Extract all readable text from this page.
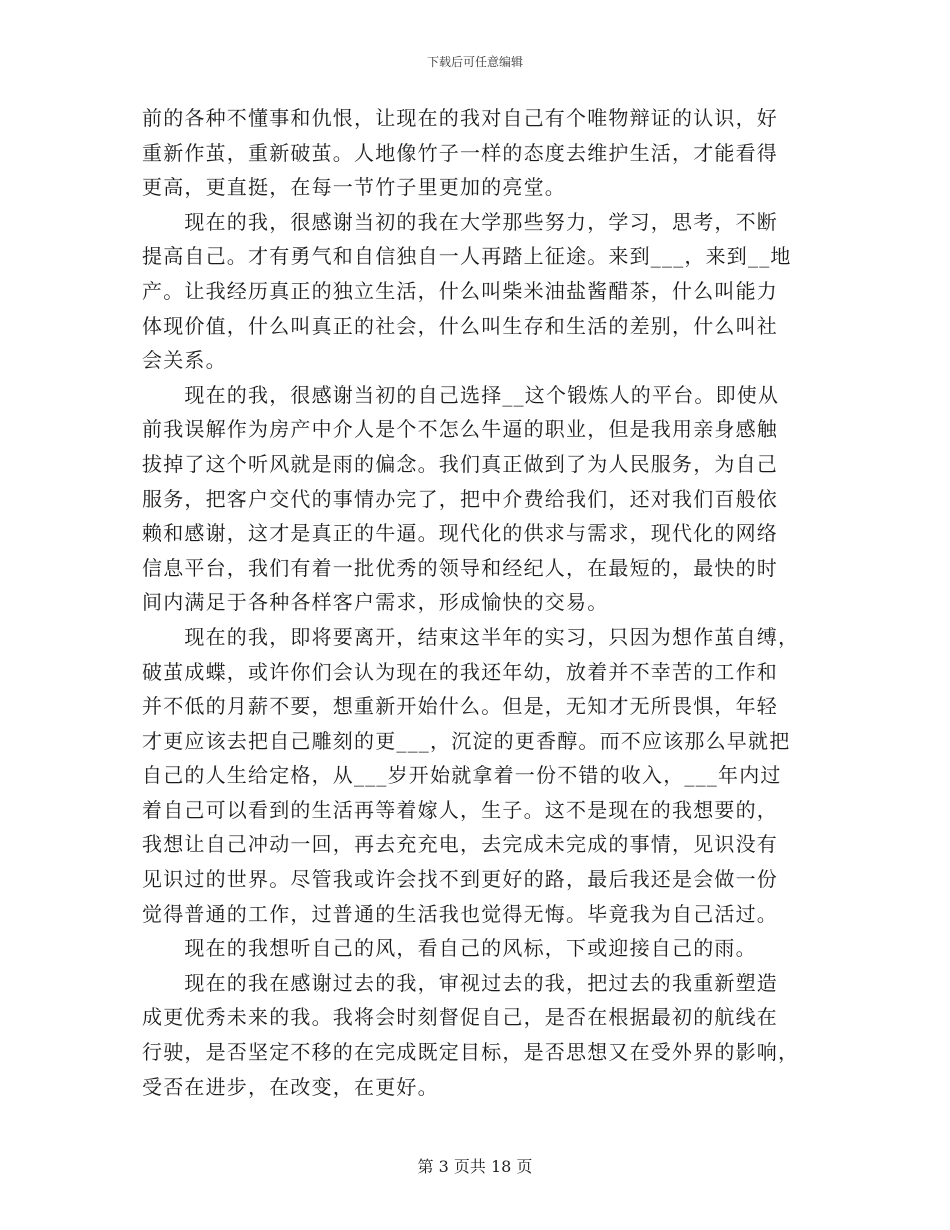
下载后可任意编辑
前的各种不懂事和仇恨，让现在的我对自己有个唯物辩证的认识，好
重新作茧，重新破茧。人地像竹子一样的态度去维护生活，才能看得
更高，更直挺，在每一节竹子里更加的亮堂。
　　现在的我，很感谢当初的我在大学那些努力，学习，思考，不断
提高自己。才有勇气和自信独自一人再踏上征途。来到___，来到__地
产。让我经历真正的独立生活，什么叫柴米油盐酱醋茶，什么叫能力
体现价值，什么叫真正的社会，什么叫生存和生活的差别，什么叫社
会关系。
　　现在的我，很感谢当初的自己选择__这个锻炼人的平台。即使从
前我误解作为房产中介人是个不怎么牛逼的职业，但是我用亲身感触
拔掉了这个听风就是雨的偏念。我们真正做到了为人民服务，为自己
服务，把客户交代的事情办完了，把中介费给我们，还对我们百般依
赖和感谢，这才是真正的牛逼。现代化的供求与需求，现代化的网络
信息平台，我们有着一批优秀的领导和经纪人，在最短的，最快的时
间内满足于各种各样客户需求，形成愉快的交易。
　　现在的我，即将要离开，结束这半年的实习，只因为想作茧自缚，
破茧成蝶，或许你们会认为现在的我还年幼，放着并不幸苦的工作和
并不低的月薪不要，想重新开始什么。但是，无知才无所畏惧，年轻
才更应该去把自己雕刻的更___，沉淀的更香醇。而不应该那么早就把
自己的人生给定格，从___岁开始就拿着一份不错的收入，___年内过
着自己可以看到的生活再等着嫁人，生子。这不是现在的我想要的，
我想让自己冲动一回，再去充充电，去完成未完成的事情，见识没有
见识过的世界。尽管我或许会找不到更好的路，最后我还是会做一份
觉得普通的工作，过普通的生活我也觉得无悔。毕竟我为自己活过。
　　现在的我想听自己的风，看自己的风标，下或迎接自己的雨。
　　现在的我在感谢过去的我，审视过去的我，把过去的我重新塑造
成更优秀未来的我。我将会时刻督促自己，是否在根据最初的航线在
行驶，是否坚定不移的在完成既定目标，是否思想又在受外界的影响，
受否在进步，在改变，在更好。
第 3 页共 18 页
